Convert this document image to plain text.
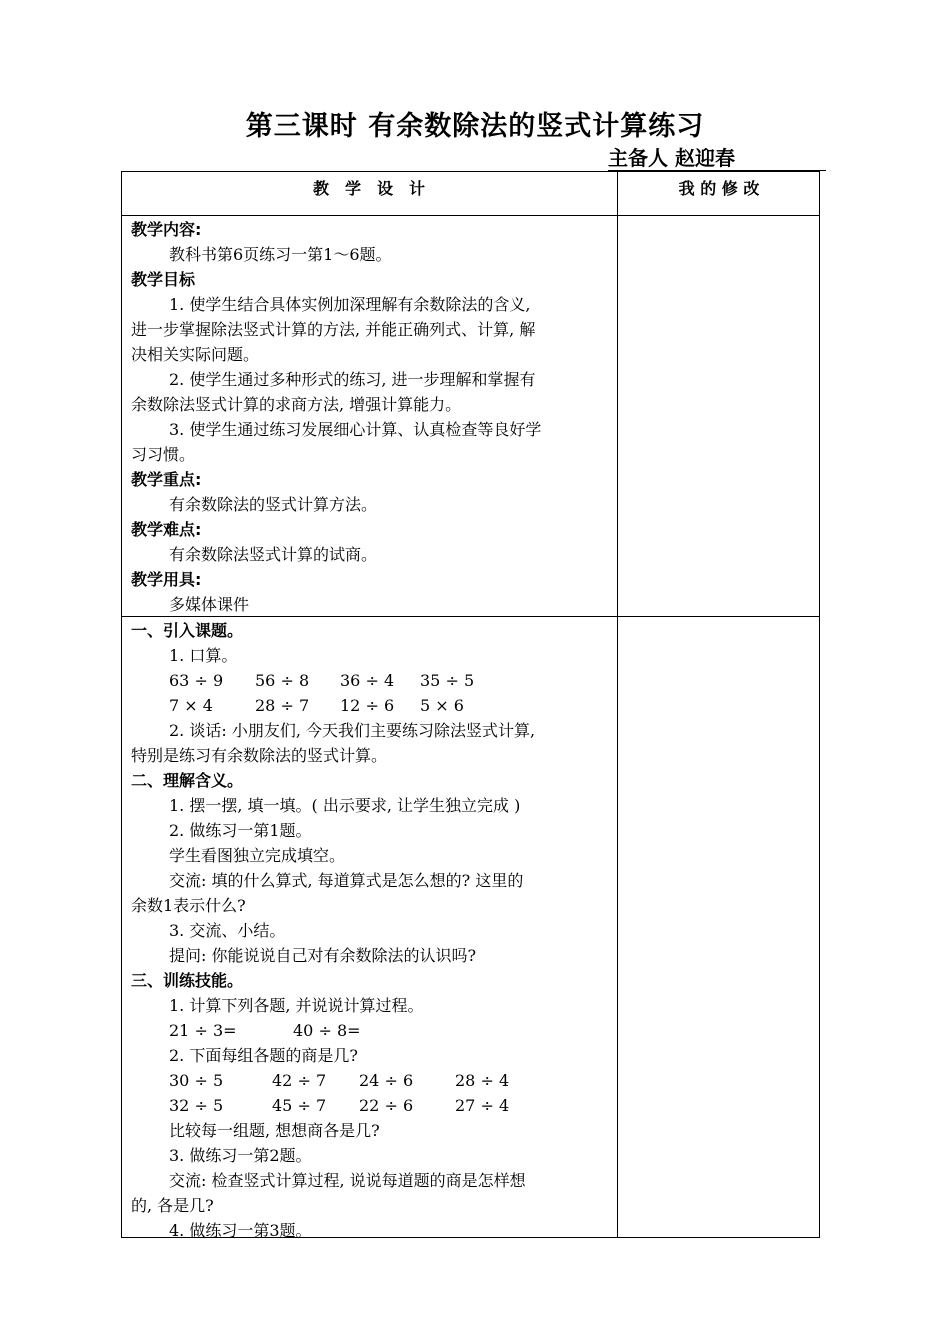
第三课时 有余数除法的竖式计算练习
主备人 赵迎春
教　学　设　计	我 的 修 改
教学内容:
教科书第6页练习一第1～6题。
教学目标
1. 使学生结合具体实例加深理解有余数除法的含义,
进一步掌握除法竖式计算的方法, 并能正确列式、计算, 解
决相关实际问题。
2. 使学生通过多种形式的练习, 进一步理解和掌握有
余数除法竖式计算的求商方法, 增强计算能力。
3. 使学生通过练习发展细心计算、认真检查等良好学
习习惯。
教学重点:
有余数除法的竖式计算方法。
教学难点:
有余数除法竖式计算的试商。
教学用具:
多媒体课件
一、引入课题。
1. 口算。
63 ÷ 9	56 ÷ 8	36 ÷ 4	35 ÷ 5
7 × 4	28 ÷ 7	12 ÷ 6	5 × 6
2. 谈话: 小朋友们, 今天我们主要练习除法竖式计算,
特别是练习有余数除法的竖式计算。
二、理解含义。
1. 摆一摆, 填一填。( 出示要求, 让学生独立完成 )
2. 做练习一第1题。
学生看图独立完成填空。
交流: 填的什么算式, 每道算式是怎么想的? 这里的
余数1表示什么?
3. 交流、小结。
提问: 你能说说自己对有余数除法的认识吗?
三、训练技能。
1. 计算下列各题, 并说说计算过程。
21 ÷ 3=	40 ÷ 8=
2. 下面每组各题的商是几?
30 ÷ 5	42 ÷ 7	24 ÷ 6	28 ÷ 4
32 ÷ 5	45 ÷ 7	22 ÷ 6	27 ÷ 4
比较每一组题, 想想商各是几?
3. 做练习一第2题。
交流: 检查竖式计算过程, 说说每道题的商是怎样想
的, 各是几?
4. 做练习一第3题。
